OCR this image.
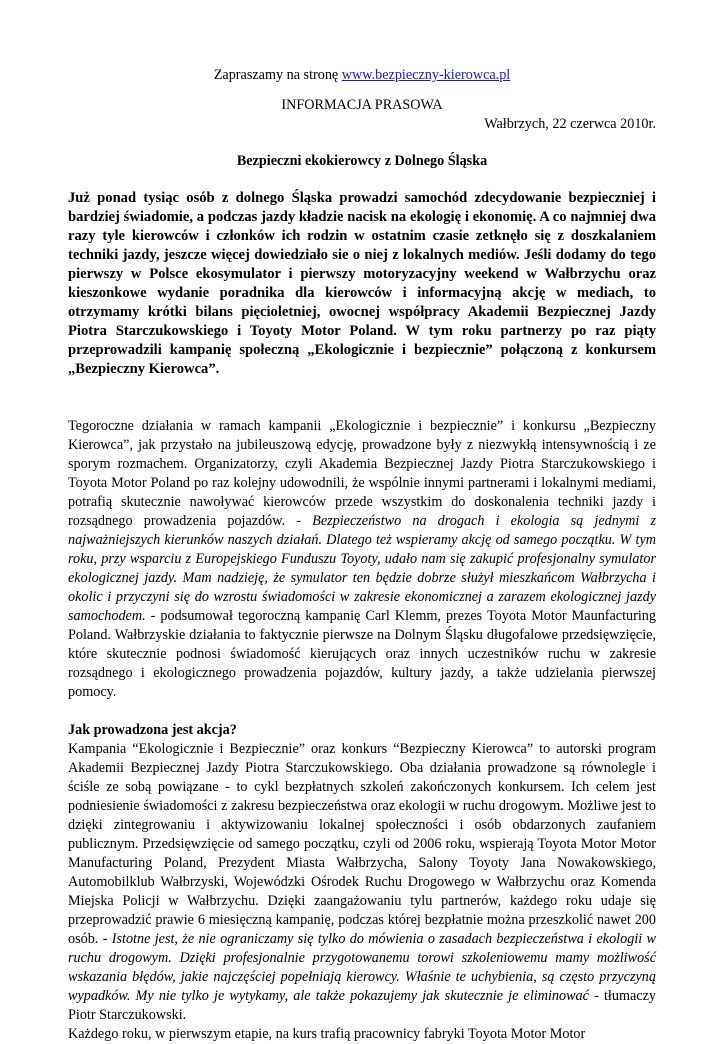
Zapraszamy na stronę www.bezpieczny-kierowca.pl

INFORMACJA PRASOWA

Wałbrzych, 22 czerwca 2010r.

Bezpieczni ekokierowcy z Dolnego Śląska

Już ponad tysiąc osób z dolnego Śląska prowadzi samochód zdecydowanie bezpieczniej i bardziej świadomie, a podczas jazdy kładzie nacisk na ekologię i ekonomię. A co najmniej dwa razy tyle kierowców i członków ich rodzin w ostatnim czasie zetknęło się z doszkalaniem techniki jazdy, jeszcze więcej dowiedziało sie o niej z lokalnych mediów. Jeśli dodamy do tego pierwszy w Polsce ekosymulator i pierwszy motoryzacyjny weekend w Wałbrzychu oraz kieszonkowe wydanie poradnika dla kierowców i informacyjną akcję w mediach, to otrzymamy krótki bilans pięcioletniej, owocnej współpracy Akademii Bezpiecznej Jazdy Piotra Starczukowskiego i Toyoty Motor Poland. W tym roku partnerzy po raz piąty przeprowadzili kampanię społeczną „Ekologicznie i bezpiecznie” połączoną z konkursem „Bezpieczny Kierowca”.

Tegoroczne działania w ramach kampanii „Ekologicznie i bezpiecznie” i konkursu „Bezpieczny Kierowca”, jak przystało na jubileuszową edycję, prowadzone były z niezwykłą intensywnością i ze sporym rozmachem. Organizatorzy, czyli Akademia Bezpiecznej Jazdy Piotra Starczukowskiego i Toyota Motor Poland po raz kolejny udowodnili, że wspólnie innymi partnerami i lokalnymi mediami, potrafią skutecznie nawoływać kierowców przede wszystkim do doskonalenia techniki jazdy i rozsądnego prowadzenia pojazdów. - Bezpieczeństwo na drogach i ekologia są jednymi z najważniejszych kierunków naszych działań. Dlatego też wspieramy akcję od samego początku. W tym roku, przy wsparciu z Europejskiego Funduszu Toyoty, udało nam się zakupić profesjonalny symulator ekologicznej jazdy. Mam nadzieję, że symulator ten będzie dobrze służył mieszkańcom Wałbrzycha i okolic i przyczyni się do wzrostu świadomości w zakresie ekonomicznej a zarazem ekologicznej jazdy samochodem. - podsumował tegoroczną kampanię Carl Klemm, prezes Toyota Motor Maunfacturing Poland. Wałbrzyskie działania to faktycznie pierwsze na Dolnym Śląsku długofalowe przedsięwzięcie, które skutecznie podnosi świadomość kierujących oraz innych uczestników ruchu w zakresie rozsądnego i ekologicznego prowadzenia pojazdów, kultury jazdy, a także udzielania pierwszej pomocy.

Jak prowadzona jest akcja?

Kampania “Ekologicznie i Bezpiecznie” oraz konkurs “Bezpieczny Kierowca” to autorski program Akademii Bezpiecznej Jazdy Piotra Starczukowskiego. Oba działania prowadzone są równolegle i ściśle ze sobą powiązane - to cykl bezpłatnych szkoleń zakończonych konkursem. Ich celem jest podniesienie świadomości z zakresu bezpieczeństwa oraz ekologii w ruchu drogowym. Możliwe jest to dzięki zintegrowaniu i aktywizowaniu lokalnej społeczności i osób obdarzonych zaufaniem publicznym. Przedsięwzięcie od samego początku, czyli od 2006 roku, wspierają Toyota Motor Motor Manufacturing Poland, Prezydent Miasta Wałbrzycha, Salony Toyoty Jana Nowakowskiego, Automobilklub Wałbrzyski, Wojewódzki Ośrodek Ruchu Drogowego w Wałbrzychu oraz Komenda Miejska Policji w Wałbrzychu. Dzięki zaangażowaniu tylu partnerów, każdego roku udaje się przeprowadzić prawie 6 miesięczną kampanię, podczas której bezpłatnie można przeszkolić nawet 200 osób. - Istotne jest, że nie ograniczamy się tylko do mówienia o zasadach bezpieczeństwa i ekologii w ruchu drogowym. Dzięki profesjonalnie przygotowanemu torowi szkoleniowemu mamy możliwość wskazania błędów, jakie najczęściej popełniają kierowcy. Właśnie te uchybienia, są często przyczyną wypadków. My nie tylko je wytykamy, ale także pokazujemy jak skutecznie je eliminować - tłumaczy Piotr Starczukowski.

Każdego roku, w pierwszym etapie, na kurs trafią pracownicy fabryki Toyota Motor Motor
